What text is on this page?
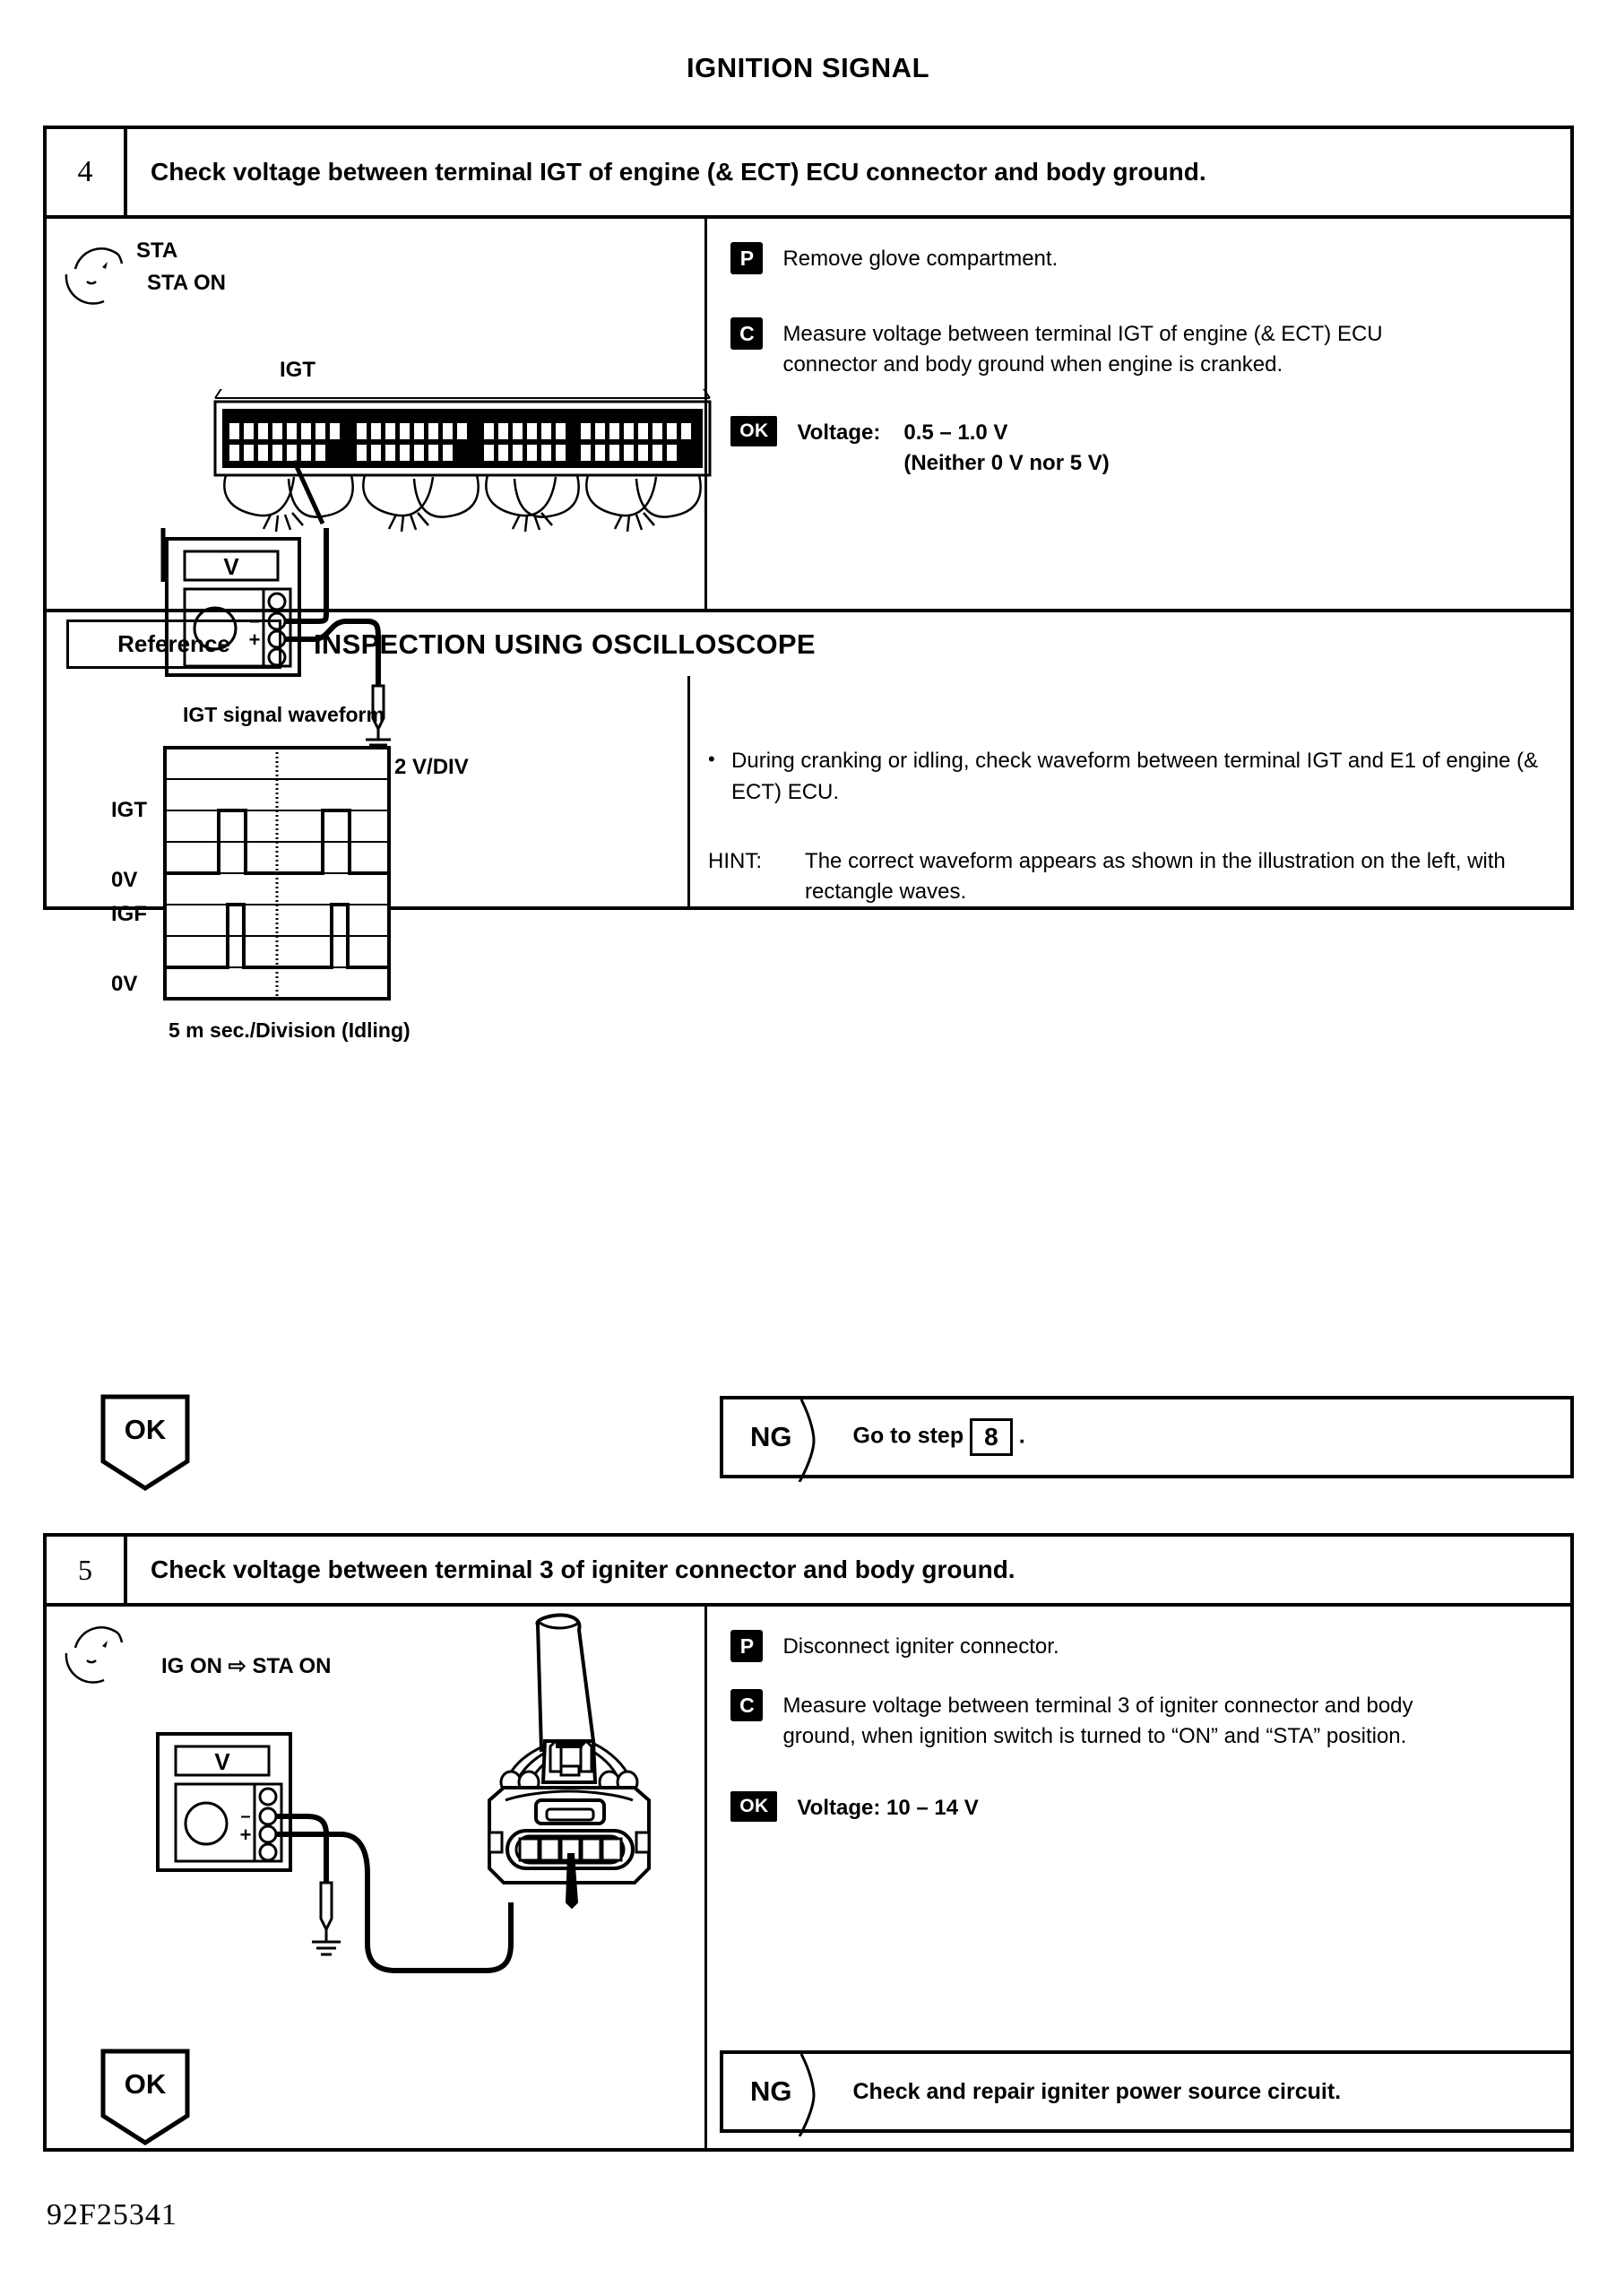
IGNITION SIGNAL
4	Check voltage between terminal IGT of engine (& ECT) ECU connector and body ground.
STA
STA ON
IGT
V
–
+
P	Remove glove compartment.
C	Measure voltage between terminal IGT of engine (& ECT) ECU connector and body ground when engine is cranked.
OK	Voltage: 0.5 – 1.0 V
(Neither 0 V nor 5 V)
Reference	INSPECTION USING OSCILLOSCOPE
IGT signal waveform
IGT
0V
IGF
0V
2 V/DIV
5 m sec./Division (Idling)
• During cranking or idling, check waveform between terminal IGT and E1 of engine (& ECT) ECU.
HINT:	The correct waveform appears as shown in the illustration on the left, with rectangle waves.
OK	NG	Go to step 8 .
5	Check voltage between terminal 3 of igniter connector and body ground.
IG ON ⇨ STA ON
V
–
+
P	Disconnect igniter connector.
C	Measure voltage between terminal 3 of igniter connector and body ground, when ignition switch is turned to “ON” and “STA” position.
OK	Voltage: 10 – 14 V
OK	NG	Check and repair igniter power source circuit.
92F25341
